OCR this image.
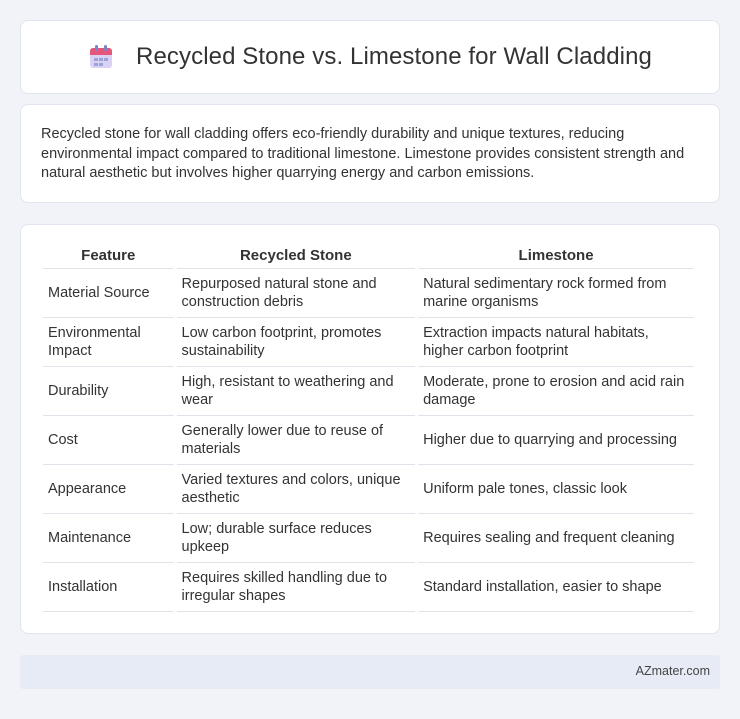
Recycled Stone vs. Limestone for Wall Cladding

Recycled stone for wall cladding offers eco-friendly durability and unique textures, reducing environmental impact compared to traditional limestone. Limestone provides consistent strength and natural aesthetic but involves higher quarrying energy and carbon emissions.

Feature	Recycled Stone	Limestone
Material Source	Repurposed natural stone and construction debris	Natural sedimentary rock formed from marine organisms
Environmental Impact	Low carbon footprint, promotes sustainability	Extraction impacts natural habitats, higher carbon footprint
Durability	High, resistant to weathering and wear	Moderate, prone to erosion and acid rain damage
Cost	Generally lower due to reuse of materials	Higher due to quarrying and processing
Appearance	Varied textures and colors, unique aesthetic	Uniform pale tones, classic look
Maintenance	Low; durable surface reduces upkeep	Requires sealing and frequent cleaning
Installation	Requires skilled handling due to irregular shapes	Standard installation, easier to shape
AZmater.com
